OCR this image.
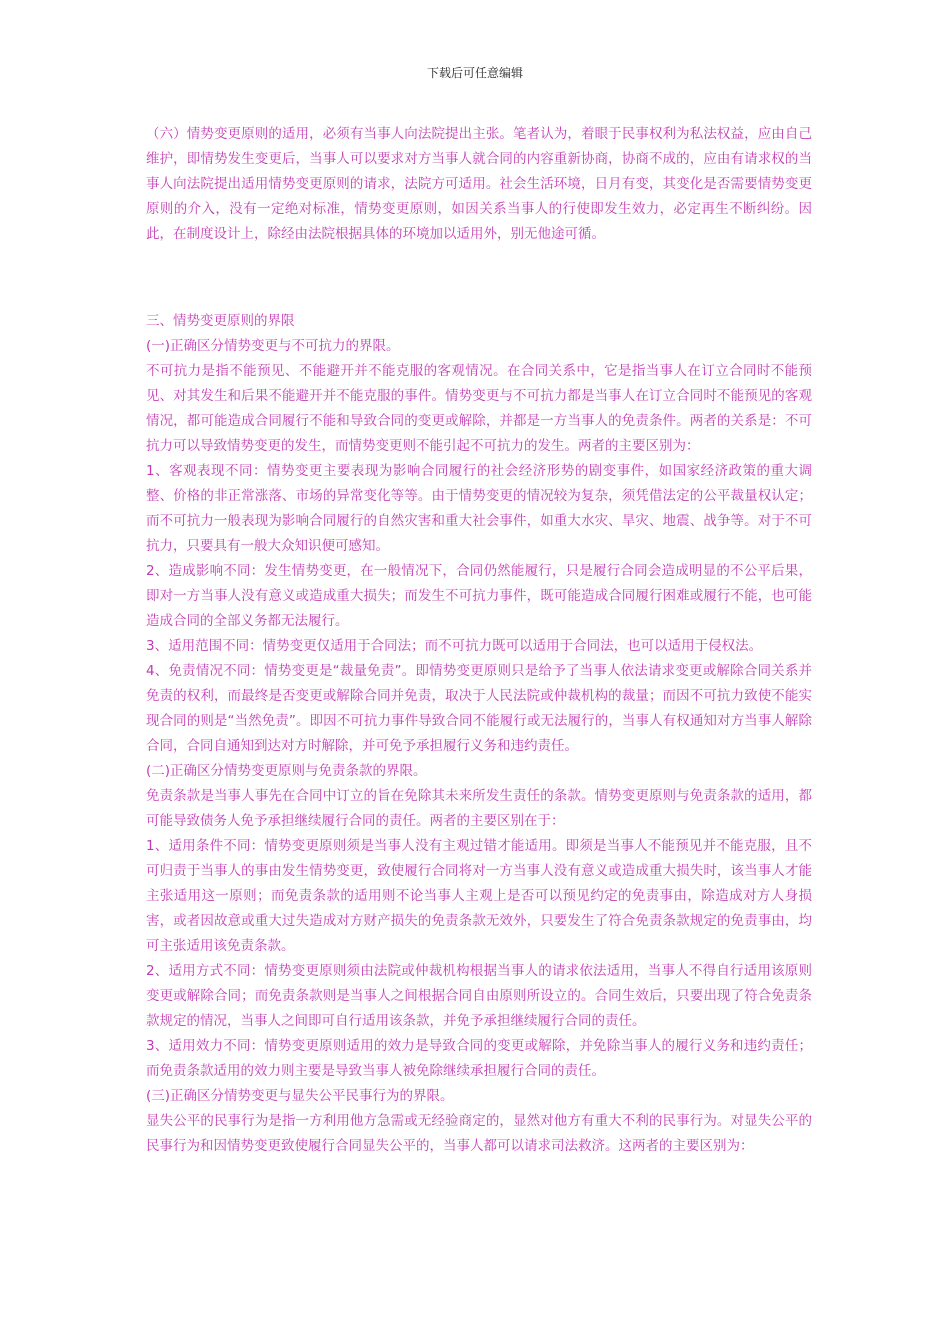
下载后可任意编辑

（六）情势变更原则的适用，必须有当事人向法院提出主张。笔者认为，着眼于民事权利为私法权益，应由自己维护，即情势发生变更后，当事人可以要求对方当事人就合同的内容重新协商，协商不成的，应由有请求权的当事人向法院提出适用情势变更原则的请求，法院方可适用。社会生活环境，日月有变，其变化是否需要情势变更原则的介入，没有一定绝对标准，情势变更原则，如因关系当事人的行使即发生效力，必定再生不断纠纷。因此，在制度设计上，除经由法院根据具体的环境加以适用外，别无他途可循。

三、情势变更原则的界限

(一)正确区分情势变更与不可抗力的界限。

不可抗力是指不能预见、不能避开并不能克服的客观情况。在合同关系中，它是指当事人在订立合同时不能预见、对其发生和后果不能避开并不能克服的事件。情势变更与不可抗力都是当事人在订立合同时不能预见的客观情况，都可能造成合同履行不能和导致合同的变更或解除，并都是一方当事人的免责条件。两者的关系是：不可抗力可以导致情势变更的发生，而情势变更则不能引起不可抗力的发生。两者的主要区别为：

1、客观表现不同：情势变更主要表现为影响合同履行的社会经济形势的剧变事件，如国家经济政策的重大调整、价格的非正常涨落、市场的异常变化等等。由于情势变更的情况较为复杂，须凭借法定的公平裁量权认定；而不可抗力一般表现为影响合同履行的自然灾害和重大社会事件，如重大水灾、旱灾、地震、战争等。对于不可抗力，只要具有一般大众知识便可感知。

2、造成影响不同：发生情势变更，在一般情况下，合同仍然能履行，只是履行合同会造成明显的不公平后果，即对一方当事人没有意义或造成重大损失；而发生不可抗力事件，既可能造成合同履行困难或履行不能，也可能造成合同的全部义务都无法履行。

3、适用范围不同：情势变更仅适用于合同法；而不可抗力既可以适用于合同法，也可以适用于侵权法。

4、免责情况不同：情势变更是“裁量免责”。即情势变更原则只是给予了当事人依法请求变更或解除合同关系并免责的权利，而最终是否变更或解除合同并免责，取决于人民法院或仲裁机构的裁量；而因不可抗力致使不能实现合同的则是“当然免责”。即因不可抗力事件导致合同不能履行或无法履行的，当事人有权通知对方当事人解除合同，合同自通知到达对方时解除，并可免予承担履行义务和违约责任。

(二)正确区分情势变更原则与免责条款的界限。

免责条款是当事人事先在合同中订立的旨在免除其未来所发生责任的条款。情势变更原则与免责条款的适用，都可能导致债务人免予承担继续履行合同的责任。两者的主要区别在于：

1、适用条件不同：情势变更原则须是当事人没有主观过错才能适用。即须是当事人不能预见并不能克服，且不可归责于当事人的事由发生情势变更，致使履行合同将对一方当事人没有意义或造成重大损失时，该当事人才能主张适用这一原则；而免责条款的适用则不论当事人主观上是否可以预见约定的免责事由，除造成对方人身损害，或者因故意或重大过失造成对方财产损失的免责条款无效外，只要发生了符合免责条款规定的免责事由，均可主张适用该免责条款。

2、适用方式不同：情势变更原则须由法院或仲裁机构根据当事人的请求依法适用，当事人不得自行适用该原则变更或解除合同；而免责条款则是当事人之间根据合同自由原则所设立的。合同生效后，只要出现了符合免责条款规定的情况，当事人之间即可自行适用该条款，并免予承担继续履行合同的责任。

3、适用效力不同：情势变更原则适用的效力是导致合同的变更或解除，并免除当事人的履行义务和违约责任；而免责条款适用的效力则主要是导致当事人被免除继续承担履行合同的责任。

(三)正确区分情势变更与显失公平民事行为的界限。

显失公平的民事行为是指一方利用他方急需或无经验商定的，显然对他方有重大不利的民事行为。对显失公平的民事行为和因情势变更致使履行合同显失公平的，当事人都可以请求司法救济。这两者的主要区别为：
